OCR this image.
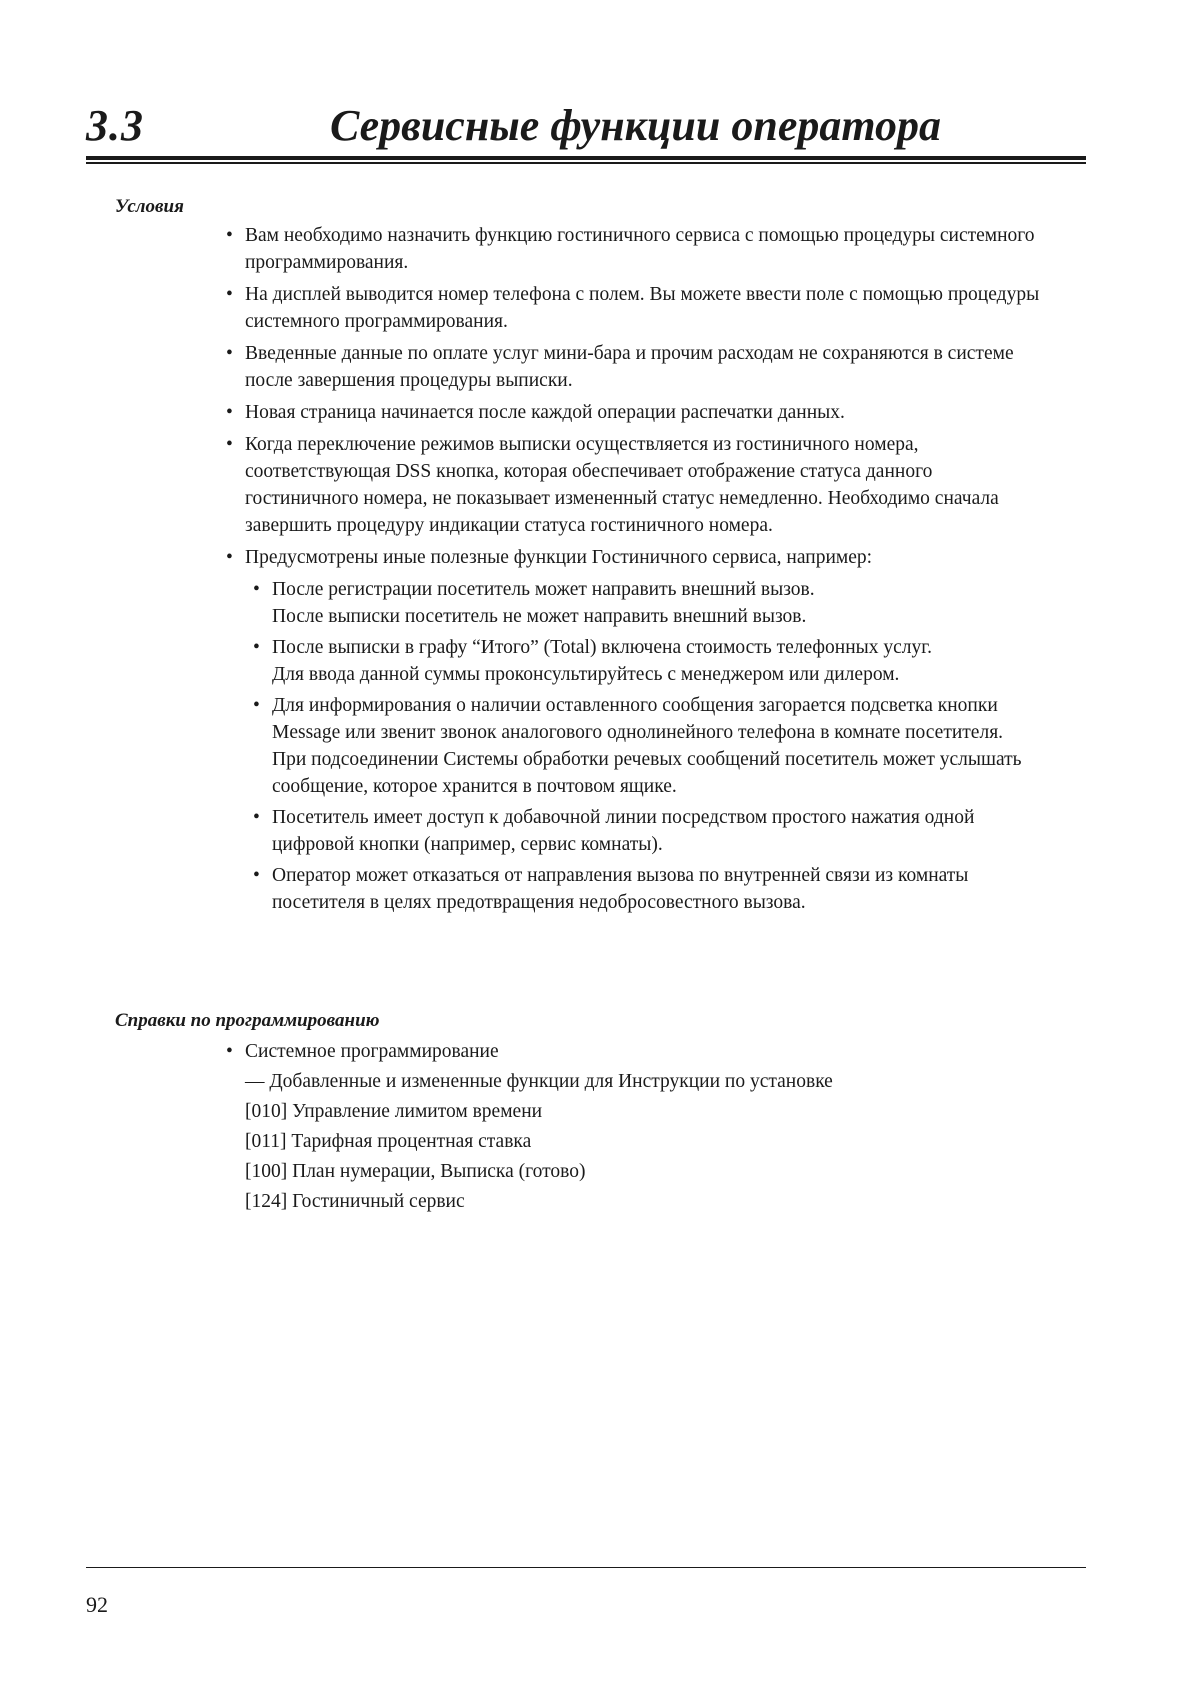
3.3	Сервисные функции оператора
Условия
• Вам необходимо назначить функцию гостиничного сервиса с помощью процедуры системного программирования.
• На дисплей выводится номер телефона с полем. Вы можете ввести поле с помощью процедуры системного программирования.
• Введенные данные по оплате услуг мини-бара и прочим расходам не сохраняются в системе после завершения процедуры выписки.
• Новая страница начинается после каждой операции распечатки данных.
• Когда переключение режимов выписки осуществляется из гостиничного номера, соответствующая DSS кнопка, которая обеспечивает отображение статуса данного гостиничного номера, не показывает измененный статус немедленно. Необходимо сначала завершить процедуру индикации статуса гостиничного номера.
• Предусмотрены иные полезные функции Гостиничного сервиса, например:
• После регистрации посетитель может направить внешний вызов.
После выписки посетитель не может направить внешний вызов.
• После выписки в графу “Итого” (Total) включена стоимость телефонных услуг.
Для ввода данной суммы проконсультируйтесь с менеджером или дилером.
• Для информирования о наличии оставленного сообщения загорается подсветка кнопки Message или звенит звонок аналогового однолинейного телефона в комнате посетителя.
При подсоединении Системы обработки речевых сообщений посетитель может услышать сообщение, которое хранится в почтовом ящике.
• Посетитель имеет доступ к добавочной линии посредством простого нажатия одной цифровой кнопки (например, сервис комнаты).
• Оператор может отказаться от направления вызова по внутренней связи из комнаты посетителя в целях предотвращения недобросовестного вызова.
Справки по программированию
• Системное программирование
— Добавленные и измененные функции для Инструкции по установке
[010] Управление лимитом времени
[011] Тарифная процентная ставка
[100] План нумерации, Выписка (готово)
[124] Гостиничный сервис
92
